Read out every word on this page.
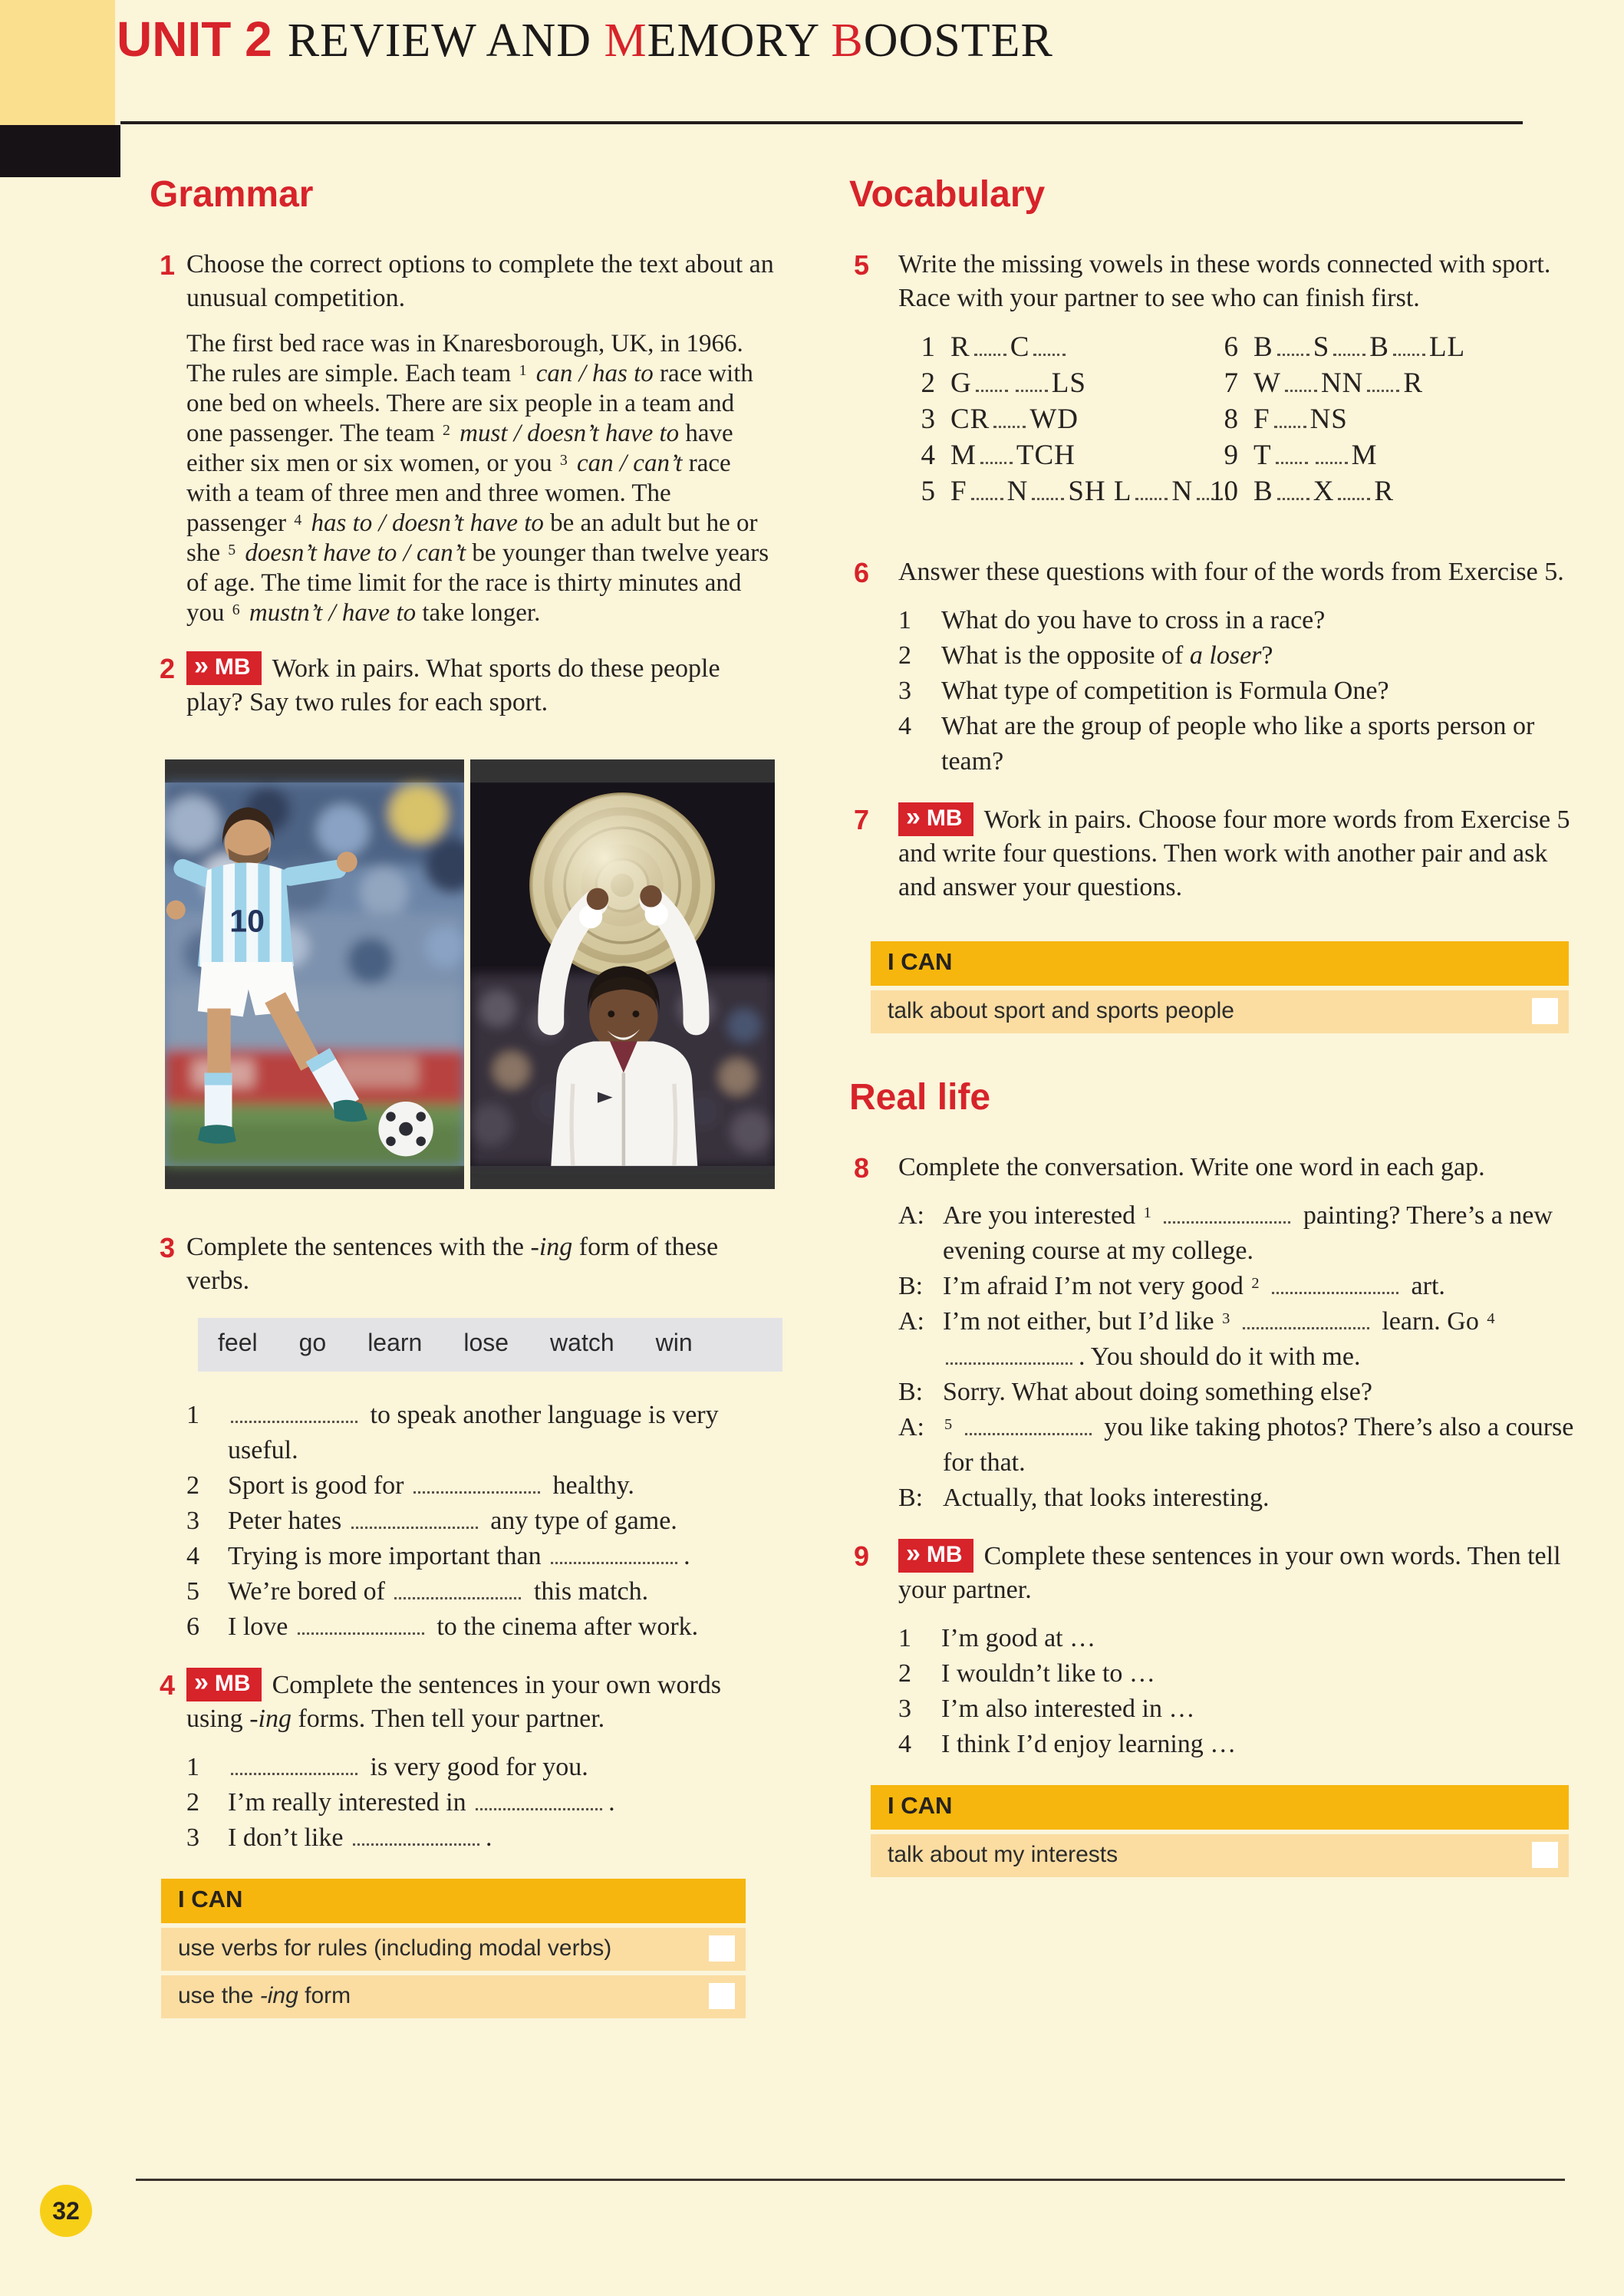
UNIT 2 REVIEW AND MEMORY BOOSTER
Grammar
1 Choose the correct options to complete the text about an unusual competition.

The first bed race was in Knaresborough, UK, in 1966. The rules are simple. Each team $^1$ can / has to race with one bed on wheels. There are six people in a team and one passenger. The team $^2$ must / doesn’t have to have either six men or six women, or you $^3$ can / can’t race with a team of three men and three women. The passenger $^4$ has to / doesn’t have to be an adult but he or she $^5$ doesn’t have to / can’t be younger than twelve years of age. The time limit for the race is thirty minutes and you $^6$ mustn’t / have to take longer.

2 »	MB Work in pairs. What sports do these people play? Say two rules for each sport.

10
3 Complete the sentences with the -ing form of these verbs.

feel go learn lose watch win
1	to speak another language is very useful.
2	Sport is good for	healthy.
3	Peter hates	any type of game.
4	Trying is more important than	.
5	We’re bored of	this match.
6	I love	to the cinema after work.
4 »	MB Complete the sentences in your own words using -ing forms. Then tell your partner.

1	is very good for you.
2	I’m really interested in	.
3	I don’t like	.
I CAN
use verbs for rules (including modal verbs)
use the -ing form
Vocabulary
5	Write the missing vowels in these words connected with sport. Race with your partner to see who can finish first.

1 R C
2 G	LS
3 CR WD
4 M TCH
5 F N SH L N
6 B S B LL
7 W NN R
8 F NS
9 T	M
10 B X R
6	Answer these questions with four of the words from Exercise 5.

1	What do you have to cross in a race?
2	What is the opposite of a loser?
3	What type of competition is Formula One?
4	What are the group of people who like a sports person or team?
7 »	MB Work in pairs. Choose four more words from Exercise 5 and write four questions. Then work with another pair and ask and answer your questions.

I CAN
talk about sport and sports people
Real life
8	Complete the conversation. Write one word in each gap.

A: Are you interested $^1$	painting? There’s a new evening course at my college.
B: I’m afraid I’m not very good $^2$	art.
A: I’m not either, but I’d like $^3$	learn. Go $^4$ . You should do it with me.
B: Sorry. What about doing something else?
A:	$^5$	you like taking photos? There’s also a course for that.
B: Actually, that looks interesting.
9 »	MB Complete these sentences in your own words. Then tell your partner.

1	I’m good at …
2	I wouldn’t like to …
3	I’m also interested in …
4	I think I’d enjoy learning …
I CAN
talk about my interests
32
